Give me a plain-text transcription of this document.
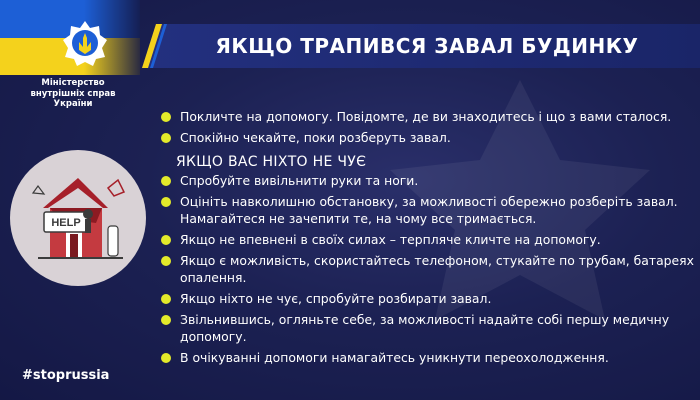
Міністерство
внутрішніх справ
України
ЯКЩО ТРАПИВСЯ ЗАВАЛ БУДИНКУ
HELP
#stoprussia
Покличте на допомогу. Повідомте, де ви знаходитесь і що з вами сталося.
Спокійно чекайте, поки розберуть завал.
ЯКЩО ВАС НІХТО НЕ ЧУЄ
Спробуйте вивільнити руки та ноги.
Оцініть навколишню обстановку, за можливості обережно розберіть завал. Намагайтеся не зачепити те, на чому все тримається.
Якщо не впевнені в своїх силах – терпляче кличте на допомогу.
Якщо є можливість, скористайтесь телефоном, стукайте по трубам, батареях опалення.
Якщо ніхто не чує, спробуйте розбирати завал.
Звільнившись, огляньте себе, за можливості надайте собі першу медичну допомогу.
В очікуванні допомоги намагайтесь уникнути переохолодження.
